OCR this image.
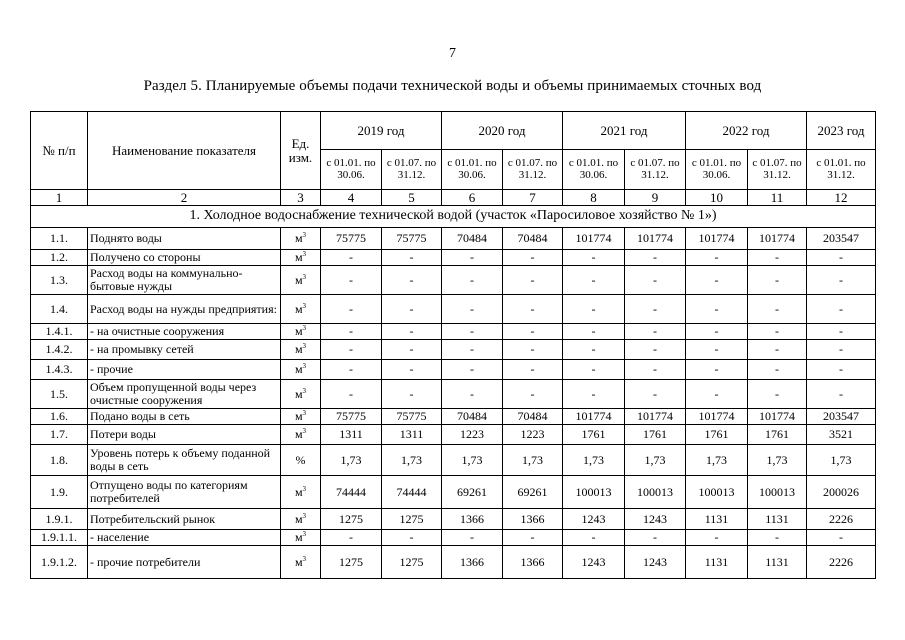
7
Раздел 5. Планируемые объемы подачи технической воды и объемы принимаемых сточных вод
№ п/п	Наименование показателя	Ед. изм.	2019 год		2020 год		2021 год		2022 год		2023 год
			с 01.01. по 30.06.	с 01.07. по 31.12.	с 01.01. по 30.06.	с 01.07. по 31.12.	с 01.01. по 30.06.	с 01.07. по 31.12.	с 01.01. по 30.06.	с 01.07. по 31.12.	с 01.01. по 31.12.
1	2	3	4	5	6	7	8	9	10	11	12
1. Холодное водоснабжение технической водой (участок «Паросиловое хозяйство № 1»)											
1.1.	Поднято воды	$м^3$	75775	75775	70484	70484	101774	101774	101774	101774	203547
1.2.	Получено со стороны	$м^3$	-	-	-	-	-	-	-	-	-
1.3.	Расход воды на коммунально-бытовые нужды	$м^3$	-	-	-	-	-	-	-	-	-
1.4.	Расход воды на нужды предприятия:	$м^3$	-	-	-	-	-	-	-	-	-
1.4.1.	- на очистные сооружения	$м^3$	-	-	-	-	-	-	-	-	-
1.4.2.	- на промывку сетей	$м^3$	-	-	-	-	-	-	-	-	-
1.4.3.	- прочие	$м^3$	-	-	-	-	-	-	-	-	-
1.5.	Объем пропущенной воды через очистные сооружения	$м^3$	-	-	-	-	-	-	-	-	-
1.6.	Подано воды в сеть	$м^3$	75775	75775	70484	70484	101774	101774	101774	101774	203547
1.7.	Потери воды	$м^3$	1311	1311	1223	1223	1761	1761	1761	1761	3521
1.8.	Уровень потерь к объему поданной воды в сеть	%	1,73	1,73	1,73	1,73	1,73	1,73	1,73	1,73	1,73
1.9.	Отпущено воды по категориям потребителей	$м^3$	74444	74444	69261	69261	100013	100013	100013	100013	200026
1.9.1.	Потребительский рынок	$м^3$	1275	1275	1366	1366	1243	1243	1131	1131	2226
1.9.1.1.	- население	$м^3$	-	-	-	-	-	-	-	-	-
1.9.1.2.	- прочие потребители	$м^3$	1275	1275	1366	1366	1243	1243	1131	1131	2226
